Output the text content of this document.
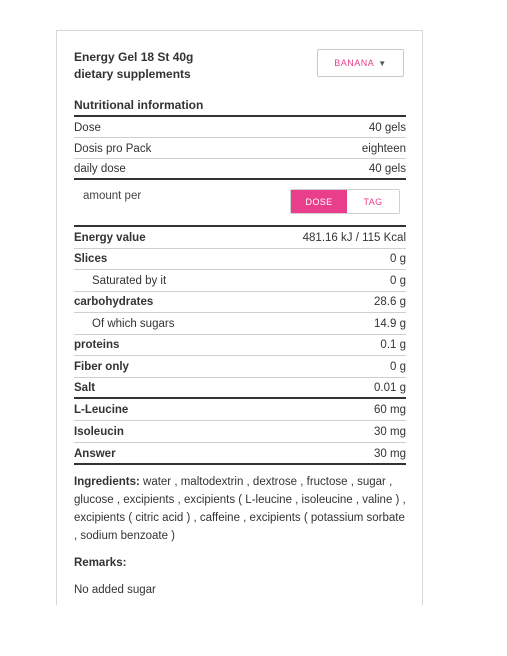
Energy Gel 18 St 40g
dietary supplements
BANANA ▼
Nutritional information
Dose	40 gels
Dosis pro Pack	eighteen
daily dose	40 gels
amount per	DOSE	TAG
Energy value	481.16 kJ / 115 Kcal
Slices	0 g
Saturated by it	0 g
carbohydrates	28.6 g
Of which sugars	14.9 g
proteins	0.1 g
Fiber only	0 g
Salt	0.01 g
L-Leucine	60 mg
Isoleucin	30 mg
Answer	30 mg
Ingredients: water , maltodextrin , dextrose , fructose , sugar , glucose , excipients , excipients ( L-leucine , isoleucine , valine ) , excipients ( citric acid ) , caffeine , excipients ( potassium sorbate , sodium benzoate )
Remarks:
No added sugar
